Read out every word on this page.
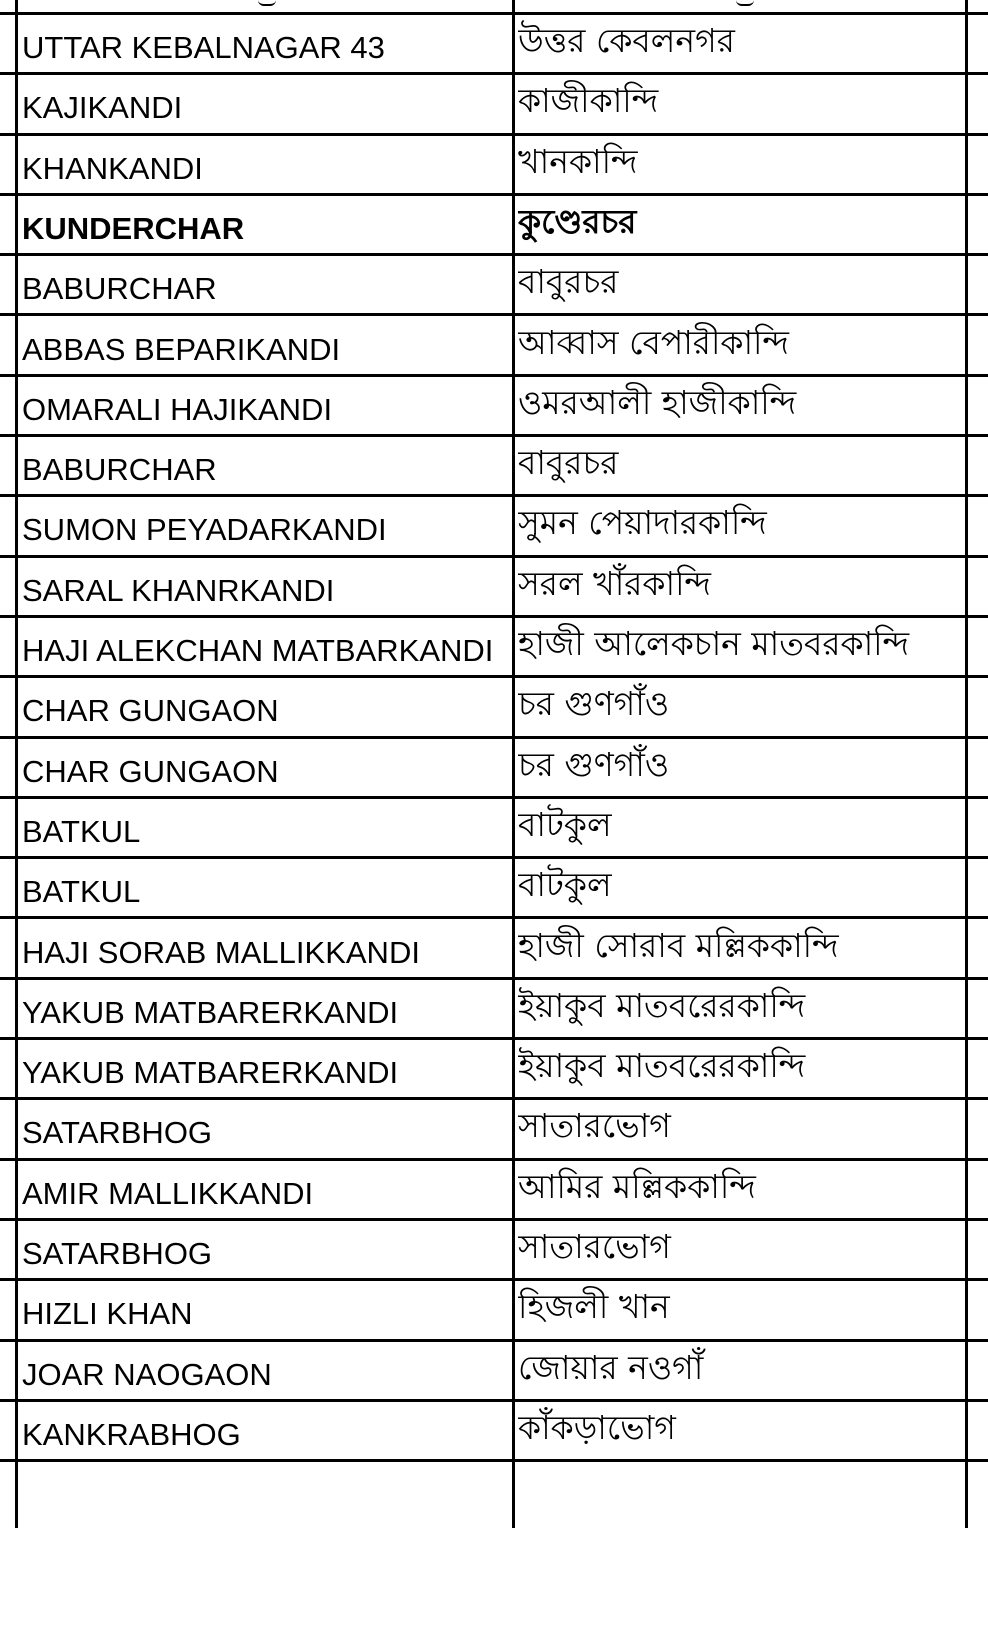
UTTAR KEBALNAGAR 43	উত্তর কেবলনগর
KAJIKANDI	কাজীকান্দি
KHANKANDI	খানকান্দি
KUNDERCHAR	কুণ্ডেরচর
BABURCHAR	বাবুরচর
ABBAS BEPARIKANDI	আব্বাস বেপারীকান্দি
OMARALI HAJIKANDI	ওমরআলী হাজীকান্দি
BABURCHAR	বাবুরচর
SUMON PEYADARKANDI	সুমন পেয়াদারকান্দি
SARAL KHANRKANDI	সরল খাঁরকান্দি
HAJI ALEKCHAN MATBARKANDI হাজী আলেকচান মাতবরকান্দি
CHAR GUNGAON	চর গুণগাঁও
CHAR GUNGAON	চর গুণগাঁও
BATKUL	বাটকুল
BATKUL	বাটকুল
HAJI SORAB MALLIKKANDI	হাজী সোরাব মল্লিককান্দি
YAKUB MATBARERKANDI	ইয়াকুব মাতবরেরকান্দি
YAKUB MATBARERKANDI	ইয়াকুব মাতবরেরকান্দি
SATARBHOG	সাতারভোগ
AMIR MALLIKKANDI	আমির মল্লিককান্দি
SATARBHOG	সাতারভোগ
HIZLI KHAN	হিজলী খান
JOAR NAOGAON	জোয়ার নওগাঁ
KANKRABHOG	কাঁকড়াভোগ
